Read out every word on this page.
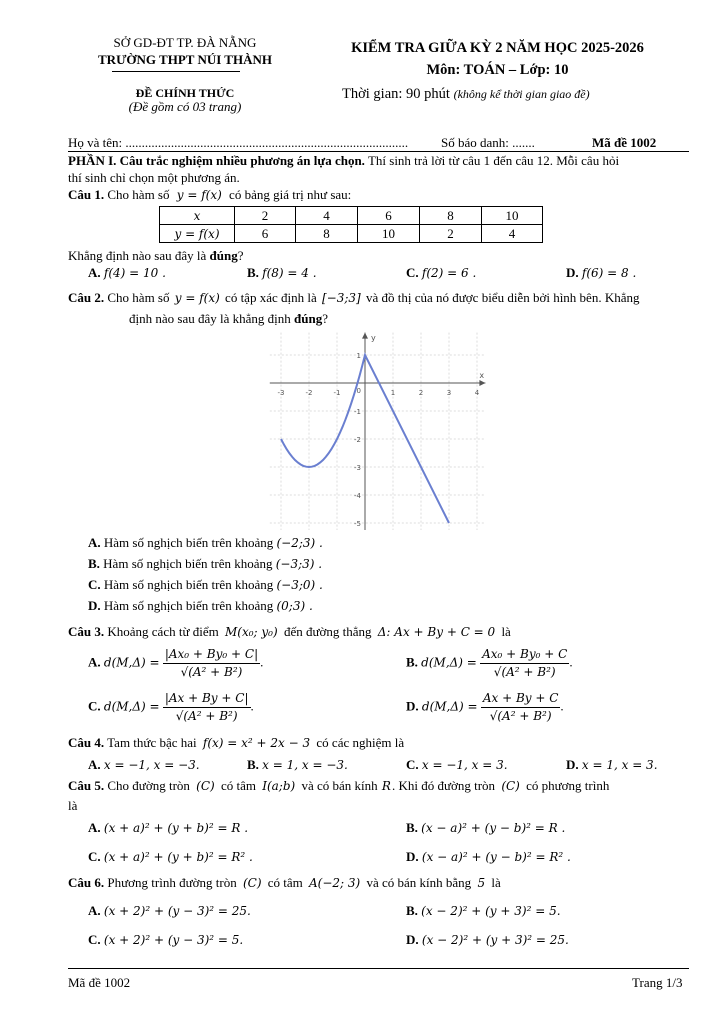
SỞ GD-ĐT TP. ĐÀ NẴNG
TRƯỜNG THPT NÚI THÀNH
ĐỀ CHÍNH THỨC
(Đề gồm có 03 trang)
KIỂM TRA GIỮA KỲ 2 NĂM HỌC 2025-2026
Môn: TOÁN – Lớp: 10
Thời gian: 90 phút (không kể thời gian giao đề)
Họ và tên: .......................................................................................	Số báo danh: .......	Mã đề 1002
PHẦN I. Câu trắc nghiệm nhiều phương án lựa chọn. Thí sinh trả lời từ câu 1 đến câu 12. Mỗi câu hỏi
thí sinh chỉ chọn một phương án.
Câu 1. Cho hàm số y = f(x) có bảng giá trị như sau:
x	2	4	6	8	10
y = f(x)	6	8	10	2	4
Khẳng định nào sau đây là đúng?
A. f(4) = 10 .	B. f(8) = 4 .	C. f(2) = 6 .	D. f(6) = 8 .
Câu 2. Cho hàm số y = f(x) có tập xác định là [−3;3] và đồ thị của nó được biểu diễn bởi hình bên. Khẳng
định nào sau đây là khẳng định đúng?
-3	-2	-1	1	2	3	4
1
-1
-2
-3
-4
-5
0
x
y
A. Hàm số nghịch biến trên khoảng (−2;3) .
B. Hàm số nghịch biến trên khoảng (−3;3) .
C. Hàm số nghịch biến trên khoảng (−3;0) .
D. Hàm số nghịch biến trên khoảng (0;3) .
Câu 3. Khoảng cách từ điểm M(x₀; y₀) đến đường thẳng Δ: Ax + By + C = 0 là
A. $d(M,\Delta) = \frac{\text{|Ax₀ + By₀ + C|}}{\text{√(A² + B²)}}$ .	B. $d(M,\Delta) = \frac{\text{Ax₀ + By₀ + C}}{\text{√(A² + B²)}}$ .
C. $d(M,\Delta) = \frac{|Ax + By + C|}{\text{√(A² + B²)}}$ .	D. $d(M,\Delta) = \frac{Ax + By + C}{\text{√(A² + B²)}}$ .
Câu 4. Tam thức bậc hai f(x) = x² + 2x − 3 có các nghiệm là
A. x = −1, x = −3.	B. x = 1, x = −3.	C. x = −1, x = 3.	D. x = 1, x = 3.
Câu 5. Cho đường tròn (C) có tâm I(a;b) và có bán kính R. Khi đó đường tròn (C) có phương trình
là
A. (x + a)² + (y + b)² = R .	B. (x − a)² + (y − b)² = R .
C. (x + a)² + (y + b)² = R² .	D. (x − a)² + (y − b)² = R² .
Câu 6. Phương trình đường tròn (C) có tâm A(−2; 3) và có bán kính bằng 5 là
A. (x + 2)² + (y − 3)² = 25.	B. (x − 2)² + (y + 3)² = 5.
C. (x + 2)² + (y − 3)² = 5.	D. (x − 2)² + (y + 3)² = 25.
Mã đề 1002	Trang 1/3
